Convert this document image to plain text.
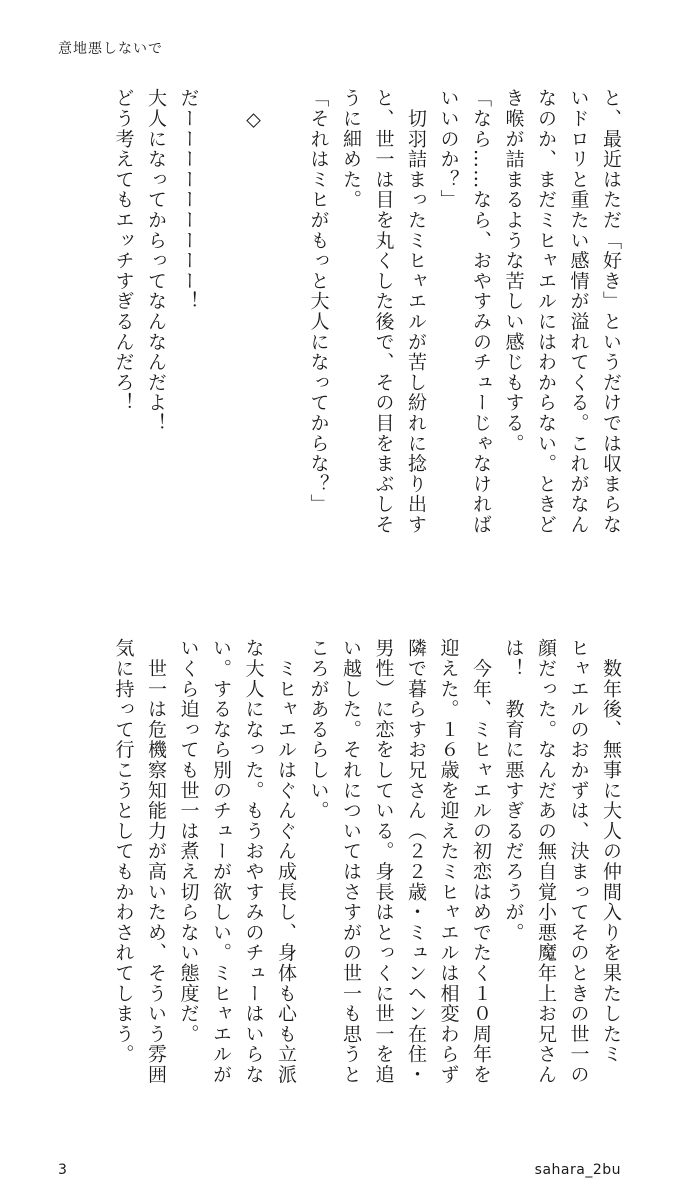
意地悪しないで

と、最近はただ「好き」というだけでは収まらな

いドロリと重たい感情が溢れてくる。これがなん

なのか、まだミヒャエルにはわからない。ときど

き喉が詰まるような苦しい感じもする。

「なら……なら、おやすみのチューじゃなければ

いいのか？」

　切羽詰まったミヒャエルが苦し紛れに捻り出す

と、世一は目を丸くした後で、その目をまぶしそ

うに細めた。

「それはミヒがもっと大人になってからな？」

　◇

だーーーーーーーーー！

大人になってからってなんなんだよ！

どう考えてもエッチすぎるんだろ！

　数年後、無事に大人の仲間入りを果たしたミ

ヒャエルのおかずは、決まってそのときの世一の

顔だった。なんだあの無自覚小悪魔年上お兄さん

は！　教育に悪すぎるだろうが。

　今年、ミヒャエルの初恋はめでたく１０周年を

迎えた。１６歳を迎えたミヒャエルは相変わらず

隣で暮らすお兄さん（２２歳・ミュンヘン在住・

男性）に恋をしている。身長はとっくに世一を追

い越した。それについてはさすがの世一も思うと

ころがあるらしい。

　ミヒャエルはぐんぐん成長し、身体も心も立派

な大人になった。もうおやすみのチューはいらな

い。するなら別のチューが欲しい。ミヒャエルが

いくら迫っても世一は煮え切らない態度だ。

　世一は危機察知能力が高いため、そういう雰囲

気に持って行こうとしてもかわされてしまう。

3	sahara_2bu
